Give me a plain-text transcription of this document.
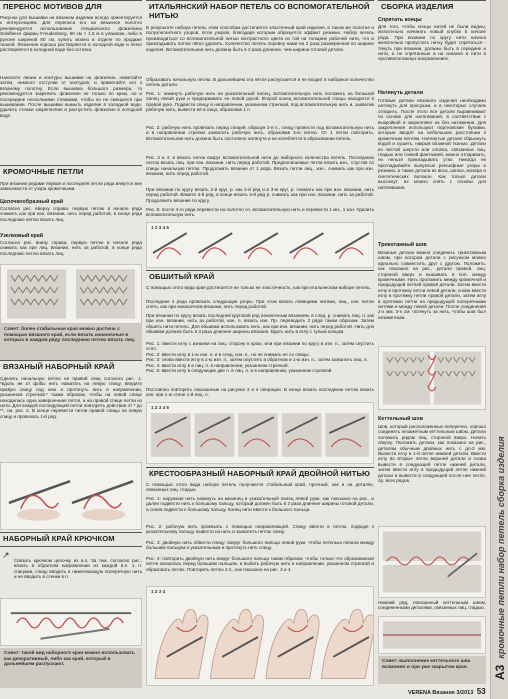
ПЕРЕНОС МОТИВОВ ДЛЯ

Рисунок для вышивки на вязаном изделии всегда ориентируется к интерсекциям. Для переноса его на вязанное полотно рекомендуется использование специального флизелина Solufleece фирмы Freudenberg, 90 см × 1,5 м в упаковке, либо в рулоне шириной 90 см, купить можно в отделе по продаже тканей. Флизелин хорошо растворяется в холодной воде и легко растворяется в холодной воде без остатка.

Наносите линии и контуры вышивки на флизелин, наметайте затем, немного отступив от контуров, и приметайте его к вязаному полотну. Если вышивка большого размера, то рекомендуется закрепить флизелин не только по краю, но и посередине несколькими стежками, чтобы он не смещался при вышивании. После вышивки вымыть изделие в холодной воде, удалить стежки закрепления и распустить флизелин в холодной воде.

КРОМОЧНЫЕ ПЕТЛИ

При вязании рядами первая и последняя петли ряда вяжутся вне зависимости от узора кромочными.

Цепочкообразный край

Согласно рис. вверху справа, первую петлю в начале ряда снимать как при изн. вязании, нить перед работой, в конце ряда последнюю петлю вязать лиц.

Узелковый край

Согласно рис. внизу справа, первую петлю в начале ряда снимать как при лиц. вязании, нить за работой, в конце ряда последнюю петлю вязать лиц.

Совет: более стабильные края можно достичь с помощью вязаного край, если вязать изнаночные в которых в каждом ряду последнюю петлю вязать лиц.
ВЯЗАНЫЙ НАБОРНЫЙ КРАЙ

Сделать начальную петлю не правой спиц согласно рис. 1. *вдоль ие от фобы нить наматать на левую спицу, введите правую спицу под нею и протянуть нить в направлении, указанном стрелкой.* таким образом, чтобы на левой спице находилась одна завершенная петля, а на правой спице петли из нити. Для каждой последующей петли повторять действия от * до **, см. рис. 2. В конце перевести петли правой спицы на левую спицу и провязать 1-й ряд.

НАБОРНЫЙ КРАЙ КРЮЧКОМ
↗

Связать крючком цепочку из в.п. За тем, согласно рис., вязать в обратном направлении из каждой в.п. 1 п. спицами, спицу вводить в нижележащую поперечную нить и не вводить в стенки в.п.

Совет: такой вид наборного края можно использовать как декоративный, либо как край, который в дальнейшем распускают.
ИТАЛЬЯНСКИЙ НАБОР ПЕТЕЛЬ СО ВСПОМОГАТЕЛЬНОЙ НИТЬЮ

В результате набора петель этим способом достигается эластичный край изделия, в таком же полотне и полуэлегантного узоров, ёсли узоров, благодаря которым образуется эффект резинки. Набор петель производиться со вспомогательной нитью контрастного цвета из той на толщине рабочей нити, что и прикладывать потом лёгко удалить. Количество петель поровну нами на 2 раза размеренная по ширине изделия. Вспомогательная нить должна быть в 2 раза длиннее, чем ширина готовой детали.

Образовать начальную петлю. В дальнейшем эта петля распускается и не входит в наборное количество петель детали.

Рис. 1: накинуть рабочую нить на указательный палец, вспомогательную нить положить на большой палец левой руки и придерживать ее левой рукой. Второй конец вспомогательной спицы находится в правой руке. Подвести спицу в направлении, указанном стрелкой, под вспомогательную нить и, захватив рабочую нить, вывести её в лицо, образовав 1 п.

Рис. 2: рабочую нить провязать перед спицей, образуя 2-я п., спицу провести под вспомогательную нить и в направлении стрелки захватить рабочую нить, образовав 3-ю петлю. От 1 петли повторить. Вспомогательная нить должна быть постоянно натянута и не колеблется в образовании петель.

Рис. 3 и 4: в вязать петли вокруг вспомогательной нити до наборного количества петель. Последнюю петлю вязать лиц. при изн. вязании, нить перед работой. Предполагаемые петли вязать изн., спустив со спицы начальную петлю. Продолжить вязание от 1 ряда. Вязать петли лиц., изн., снимать как при изн. вязании, нить перед работой.

При вязании по кругу вязать 2-й круг, р. как 2-й ряд и в 3-м круг, р. снимать как при изн. вязании, нить перед работой. Вяжите 4-й ряд, в конце вязать 3-й ряд р. снимать как при изн. вязании, нить за работой. Продолжить вязание по кругу.

Рис. 6: после 4-го ряда перевести на полотно сп. вспомогательную нить и перевести 1 мн., 1 изн. Удалить вспомогательную нить.

1 2 3 4 5
ОБШИТЫЙ КРАЙ

С помощью этого вида края достигается не только не эластичность, как при итальянском наборе петель.

Последние 4 ряда провязать следующие узоры. При этом вязать ловящими нитями, лиц., изн. петли снять, как при изнаночном вязании, нить перед работой.

При вязании по кругу вязать последней круговой ряд изнаночным вязанием, в след. р. снимать лиц. п. как при изн. вязании, нить за работой, изн. п. вязать изн. Пр. переводить 2 ряда таким образом. Затем обшить нити петель. Для обшивки использовать нить, как при изн. вязании, нить перед работой. Нить для обшивки должна быть в 3 раза длиннее ширины вязания. Вдеть нить в иглу с тупым концом.

Рис. 1: ввести иглу с изнанки на лиц. сторону в крою, или при вязании по кругу в изн. п., затем спустить сспл.

Рис. 2: ввести иглу в 1-ю изн. п. и в след. изн. п., но не снимать ее со спицы.

Рис. 3: снова ввести иглу в 1-ю изн. п., затем опустить в обратном и 1-ю изн. п., затем захватить лиц. п.

Рис. 4: ввести иглу в в лиц. п. в направлении, указанном стрелкой.

Рис. 5: ввести иглу в следующие две п. в лиц. п. и в направлении, указанном стрелкой.

Постоянно повторять показанные на рисунке 3 и 4 операции. В конце вязать последнюю петлю вязать изн. при 1-ю стене 1-й лиц. п.

1 2 3 4 5
КРЕСТООБРАЗНЫЙ НАБОРНЫЙ КРАЙ ДВОЙНОЙ НИТЬЮ

С помощью этого вида набора петель получается стабильный край, прочный, как и на деталях, связанных лиц. гладью.

Рис. 1: наружная нить накинуть на мизинец и указательный палец левой руки, как показано на рис., и далее подвести нить к большому пальцу, который должен быть в 2 раза длиннее ширины готовой детали, а снова подвести к большому пальцу. Конец нити ввести к большого пальца.

Рис. 2: рабочую нить провязать с помощью направляющей. Спицу ввести в петлю, подводя к указательному пальцу, вывести на нить и захватить петлю снизу.

Рис. 3: двойную нить обвести спицу: вокруг большого пальца левой руки, чтобы петелька попала между большим пальцем и указательным и протянуть нить спицу.

Рис. 4: повторить двойную нить вокруг большого пальца таким образом, чтобы только что образованная петля оказалась перед большим пальцем, и выбить рабочую нить в направлении, указанном стрелкой и образовать петлю. Повторить петлю 2 п., как показано на рис. 3 и 4.

1 2 3 4
СБОРКА ИЗДЕЛИЯ
Спрятать концы

Для того, чтобы концы нитей не были видны, желательно начинать новый клубок в начале ряда. При вязании по кругу нити начала желательно пропустить нитку будет спрятаться ‑ тянуть при вязании, должны быть в середине и нити, а не спрятанные а на изнанке и нити в противоположных направлениях.

Натянуть детали

Готовые детали вязаного изделия необходимо натянуть для просушки, а в некоторых случаях отпарить. После этого все детали выравнивают по основе для натягивания, в соответствии с выкройкой и закрепляют их без натяжения. Для закрепления используют портновские булавки, которые вводят на небольшом расстоянии к кромочным петлям. Натянутые детали сбрызнуть водой и сушить, накрыв влажной тканью. Детали из чистой шерсти или хлопка, связанные лиц. гладью или тонкой фантазией, можно отпаривать, но нельзя прикладывать утюг. Никогда не прогладывайте выпуклые рельефные узоры и резинки, а также детали из веса, шелка, мохера и синтетических волокон. Как только детали высохнут, их можно снять с основы для натягивания.

Трикотажный шов

Вязаные детали можно соединить трикотажным швом, при котором детали с рисунком можно идеально совместить друг с другом. Положить, как показано на рис., детали правой, лиц. стороной вверх и вышивать в поп. между кромочными. Нить проложить между кромочной и предыдущей петлей правой детали. Затем ввести иглу в протяжку петли левой детали, снова ввести иглу в протяжку петли правой детали, затем иглу в протяжки петли на предыдущей поперечными нитями и между левой детали. После соединения 2‑х мм. 3‑х см. потянуть за нить, чтобы шов был незаметным.

Кеттельный шов

Шов, который расположенных поперечно, хорошо соединять незаметным кеттельным швом. Детали положить рядом лиц. стороной вверх. Начать сверху. Положить детали, как показано на рис., деталям обычным двойных нить с дл‑2 мм. Вывести иглу в 1‑й петле нижней детали. Ввести иглу во вторые петли верхней детали и снова вывести в следующей петле нижней детали, затем ввести иглу в предыдущей петле нижней детали и вывести в следующей после нее петле, пр. всех рядов.

Нижний ряд, показанный кеттельным швом, соединенными деталями, связанных лиц. гладью.

Совет: выполнение кеттельного шва возможно и при уже закрытом крае.	А3кромочные петли набор петель сборка изделия
VERENA Вязание 3/2013 53
